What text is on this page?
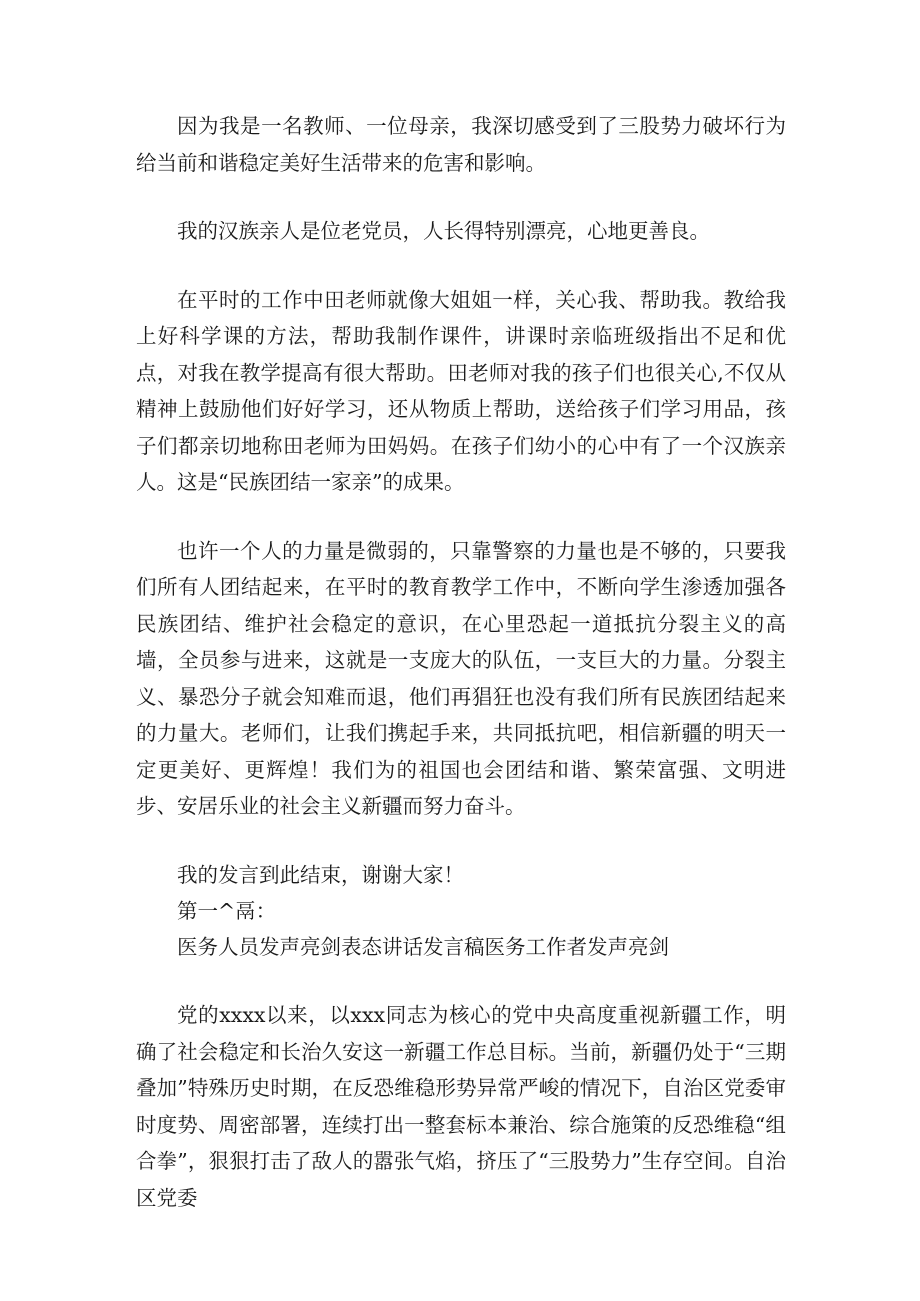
因为我是一名教师、一位母亲，我深切感受到了三股势力破坏行为给当前和谐稳定美好生活带来的危害和影响。

我的汉族亲人是位老党员，人长得特别漂亮，心地更善良。

在平时的工作中田老师就像大姐姐一样，关心我、帮助我。教给我上好科学课的方法，帮助我制作课件，讲课时亲临班级指出不足和优点，对我在教学提高有很大帮助。田老师对我的孩子们也很关心,不仅从精神上鼓励他们好好学习，还从物质上帮助，送给孩子们学习用品，孩子们都亲切地称田老师为田妈妈。在孩子们幼小的心中有了一个汉族亲人。这是“民族团结一家亲”的成果。

也许一个人的力量是微弱的，只靠警察的力量也是不够的，只要我们所有人团结起来，在平时的教育教学工作中，不断向学生渗透加强各民族团结、维护社会稳定的意识，在心里恐起一道抵抗分裂主义的高墙，全员参与进来，这就是一支庞大的队伍，一支巨大的力量。分裂主义、暴恐分子就会知难而退，他们再猖狂也没有我们所有民族团结起来的力量大。老师们，让我们携起手来，共同抵抗吧，相信新疆的明天一定更美好、更辉煌！我们为的祖国也会团结和谐、繁荣富强、文明进步、安居乐业的社会主义新疆而努力奋斗。

我的发言到此结束，谢谢大家！

第一^鬲：
医务人员发声亮剑表态讲话发言稿医务工作者发声亮剑

党的xxxx以来，以xxx同志为核心的党中央高度重视新疆工作，明确了社会稳定和长治久安这一新疆工作总目标。当前，新疆仍处于“三期叠加”特殊历史时期，在反恐维稳形势异常严峻的情况下，自治区党委审时度势、周密部署，连续打出一整套标本兼治、综合施策的反恐维稳“组合拳”，狠狠打击了敌人的嚣张气焰，挤压了“三股势力”生存空间。自治区党委
